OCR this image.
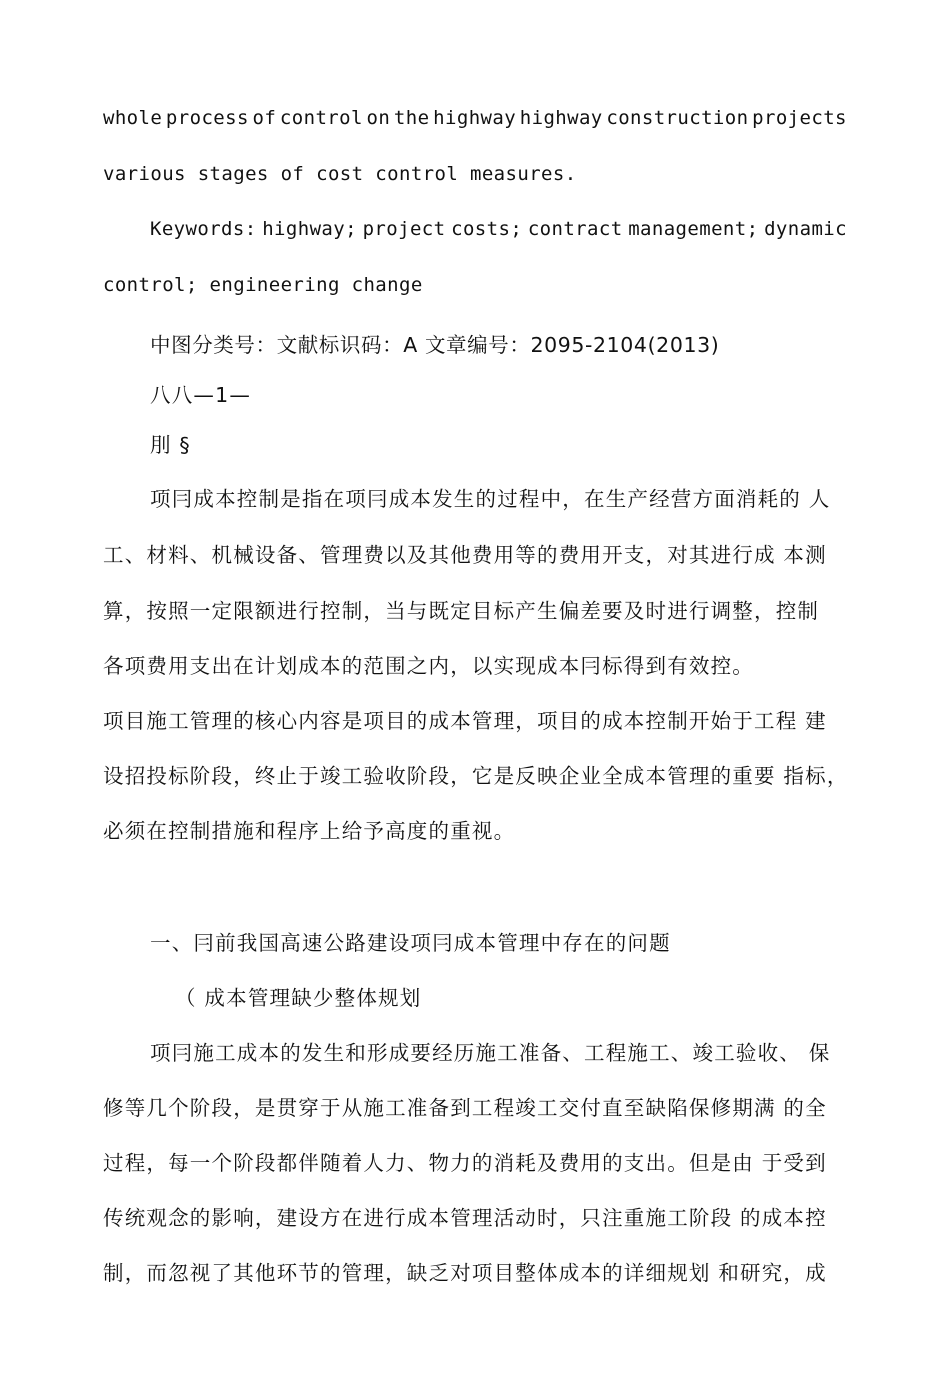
whole process of control on the highway highway construction projects
various stages of cost control measures.
Keywords: highway; project costs; contract management; dynamic
control; engineering change
中图分类号：文献标识码：A 文章编号：2095-2104(2013)
八八—1—
刖 §
项冃成本控制是指在项冃成本发生的过程中，在生产经营方面消耗的 人
工、材料、机械设备、管理费以及其他费用等的费用开支，对其进行成 本测
算，按照一定限额进行控制，当与既定目标产生偏差要及时进行调整，控制
各项费用支出在计划成本的范围之内，以实现成本冃标得到有效控。
项目施工管理的核心内容是项目的成本管理，项目的成本控制开始于工程 建
设招投标阶段，终止于竣工验收阶段，它是反映企业全成本管理的重要 指标，
必须在控制措施和程序上给予高度的重视。
一、冃前我国高速公路建设项冃成本管理中存在的问题
（ 成本管理缺少整体规划
项冃施工成本的发生和形成要经历施工准备、工程施工、竣工验收、 保
修等几个阶段，是贯穿于从施工准备到工程竣工交付直至缺陷保修期满 的全
过程，每一个阶段都伴随着人力、物力的消耗及费用的支出。但是由 于受到
传统观念的影响，建设方在进行成本管理活动时，只注重施工阶段 的成本控
制，而忽视了其他环节的管理，缺乏对项目整体成本的详细规划 和研究，成
